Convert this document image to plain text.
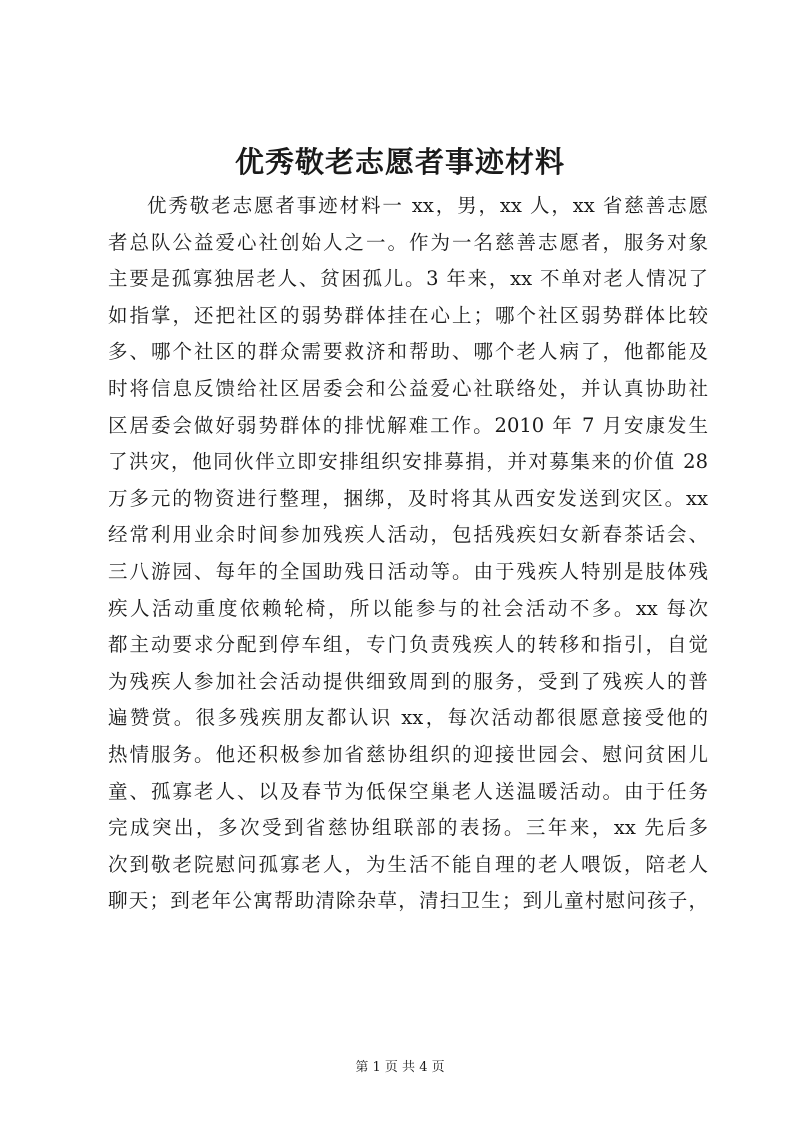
优秀敬老志愿者事迹材料
优秀敬老志愿者事迹材料一 xx，男，xx 人，xx 省慈善志愿
者总队公益爱心社创始人之一。作为一名慈善志愿者，服务对象
主要是孤寡独居老人、贫困孤儿。3 年来，xx 不单对老人情况了
如指掌，还把社区的弱势群体挂在心上；哪个社区弱势群体比较
多、哪个社区的群众需要救济和帮助、哪个老人病了，他都能及
时将信息反馈给社区居委会和公益爱心社联络处，并认真协助社
区居委会做好弱势群体的排忧解难工作。2010 年 7 月安康发生
了洪灾，他同伙伴立即安排组织安排募捐，并对募集来的价值 28
万多元的物资进行整理，捆绑，及时将其从西安发送到灾区。xx
经常利用业余时间参加残疾人活动，包括残疾妇女新春茶话会、
三八游园、每年的全国助残日活动等。由于残疾人特别是肢体残
疾人活动重度依赖轮椅，所以能参与的社会活动不多。xx 每次
都主动要求分配到停车组，专门负责残疾人的转移和指引，自觉
为残疾人参加社会活动提供细致周到的服务，受到了残疾人的普
遍赞赏。很多残疾朋友都认识 xx，每次活动都很愿意接受他的
热情服务。他还积极参加省慈协组织的迎接世园会、慰问贫困儿
童、孤寡老人、以及春节为低保空巢老人送温暖活动。由于任务
完成突出，多次受到省慈协组联部的表扬。三年来，xx 先后多
次到敬老院慰问孤寡老人，为生活不能自理的老人喂饭，陪老人
聊天；到老年公寓帮助清除杂草，清扫卫生；到儿童村慰问孩子，
第 1 页 共 4 页
